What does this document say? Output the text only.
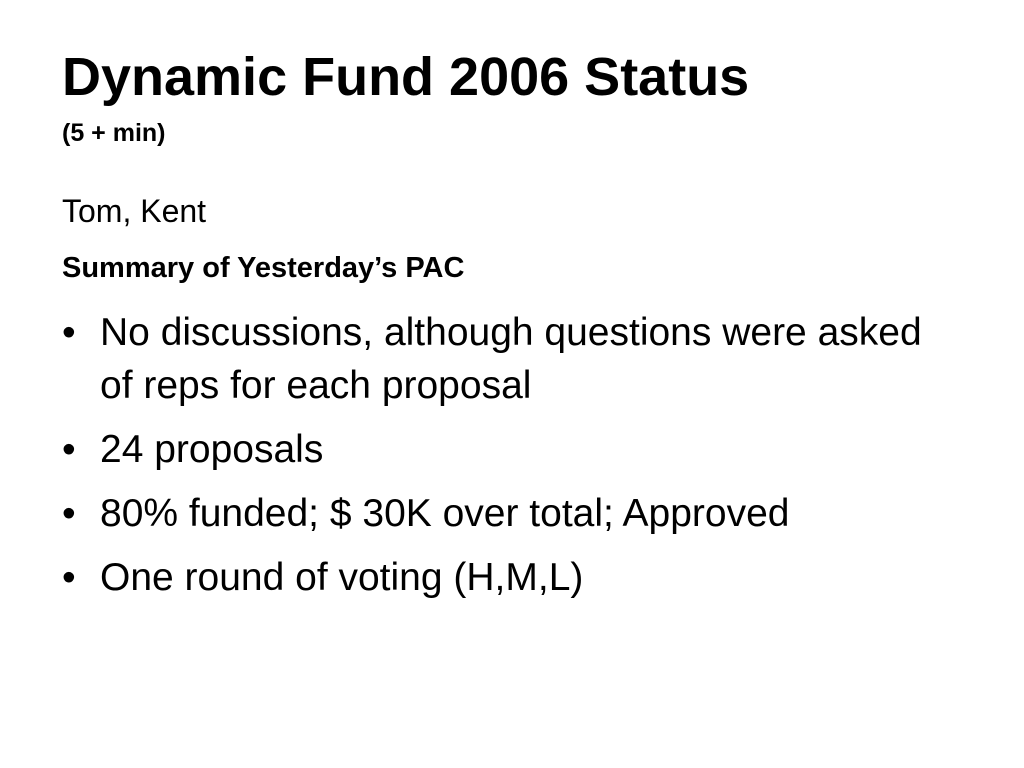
Dynamic Fund 2006 Status
(5 + min)
Tom, Kent
Summary of Yesterday’s PAC
• No discussions, although questions were asked of reps for each proposal
• 24 proposals
• 80% funded; $ 30K over total; Approved
• One round of voting (H,M,L)
